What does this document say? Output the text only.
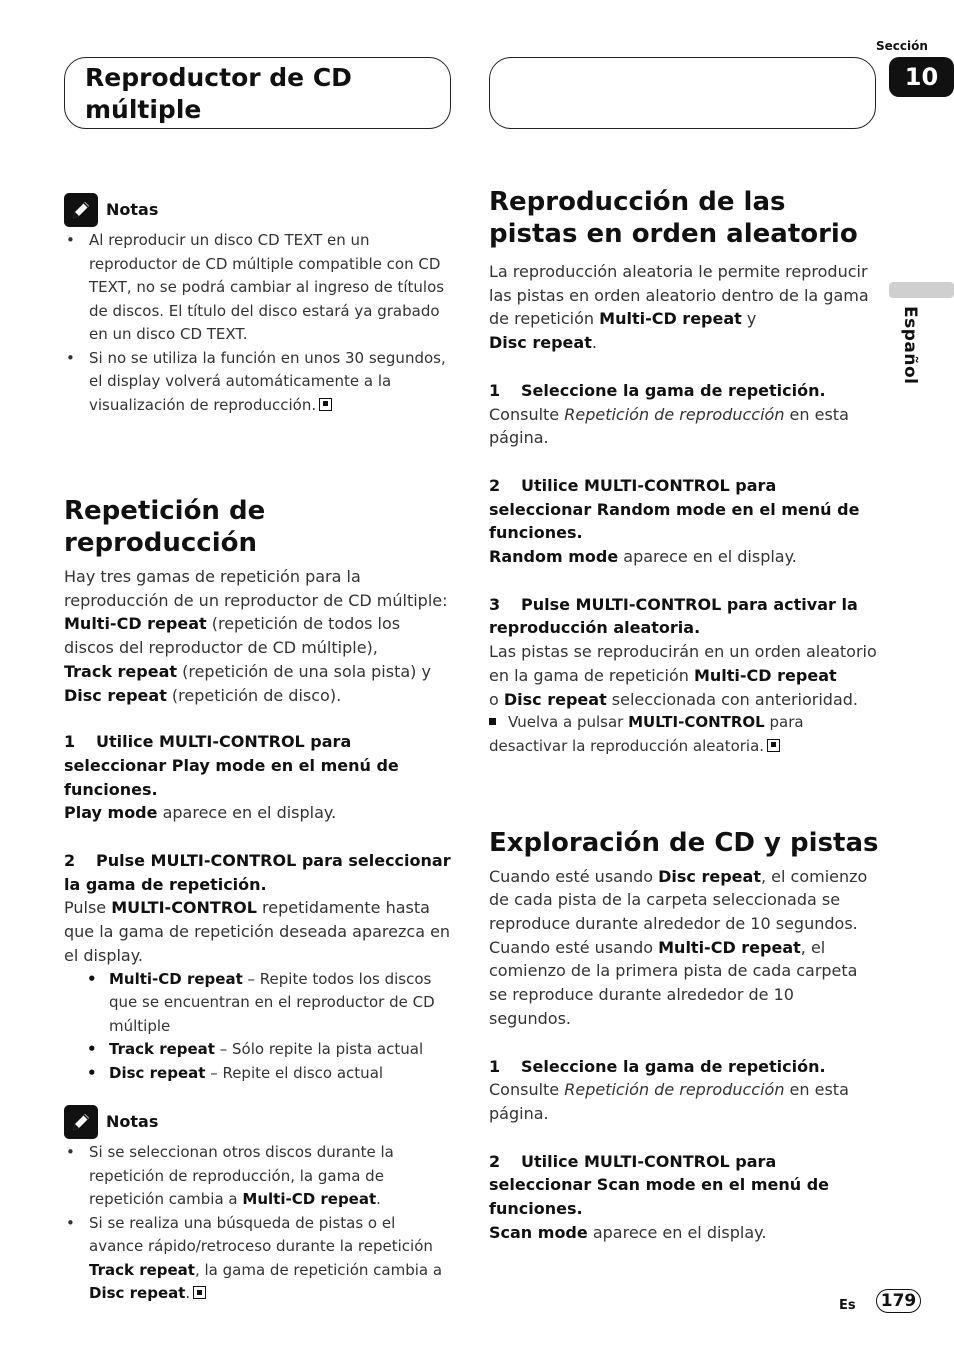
Reproductor de CD múltiple
Sección
10
Español
Notas
• Al reproducir un disco CD TEXT en un reproductor de CD múltiple compatible con CD TEXT, no se podrá cambiar al ingreso de títulos de discos. El título del disco estará ya grabado en un disco CD TEXT.
• Si no se utiliza la función en unos 30 segundos, el display volverá automáticamente a la visualización de reproducción.
Repetición de reproducción

Hay tres gamas de repetición para la reproducción de un reproductor de CD múltiple:
Multi-CD repeat (repetición de todos los discos del reproductor de CD múltiple),
Track repeat (repetición de una sola pista) y
Disc repeat (repetición de disco).

1 Utilice MULTI-CONTROL para seleccionar Play mode en el menú de funciones.

Play mode aparece en el display.

2 Pulse MULTI-CONTROL para seleccionar la gama de repetición.

Pulse MULTI-CONTROL repetidamente hasta que la gama de repetición deseada aparezca en el display.

• Multi-CD repeat – Repite todos los discos que se encuentran en el reproductor de CD múltiple
• Track repeat – Sólo repite la pista actual
• Disc repeat – Repite el disco actual
Notas
• Si se seleccionan otros discos durante la repetición de reproducción, la gama de repetición cambia a Multi-CD repeat.
• Si se realiza una búsqueda de pistas o el avance rápido/retroceso durante la repetición Track repeat, la gama de repetición cambia a Disc repeat.
Reproducción de las pistas en orden aleatorio

La reproducción aleatoria le permite reproducir las pistas en orden aleatorio dentro de la gama de repetición Multi-CD repeat y
Disc repeat.

1 Seleccione la gama de repetición.

Consulte Repetición de reproducción en esta página.

2 Utilice MULTI-CONTROL para seleccionar Random mode en el menú de funciones.

Random mode aparece en el display.

3 Pulse MULTI-CONTROL para activar la reproducción aleatoria.

Las pistas se reproducirán en un orden aleatorio en la gama de repetición Multi-CD repeat
o Disc repeat seleccionada con anterioridad.

Vuelva a pulsar MULTI-CONTROL para desactivar la reproducción aleatoria.

Exploración de CD y pistas

Cuando esté usando Disc repeat, el comienzo de cada pista de la carpeta seleccionada se reproduce durante alrededor de 10 segundos.

Cuando esté usando Multi-CD repeat, el comienzo de la primera pista de cada carpeta se reproduce durante alrededor de 10 segundos.

1 Seleccione la gama de repetición.

Consulte Repetición de reproducción en esta página.

2 Utilice MULTI-CONTROL para seleccionar Scan mode en el menú de funciones.

Scan mode aparece en el display.

Es 179
